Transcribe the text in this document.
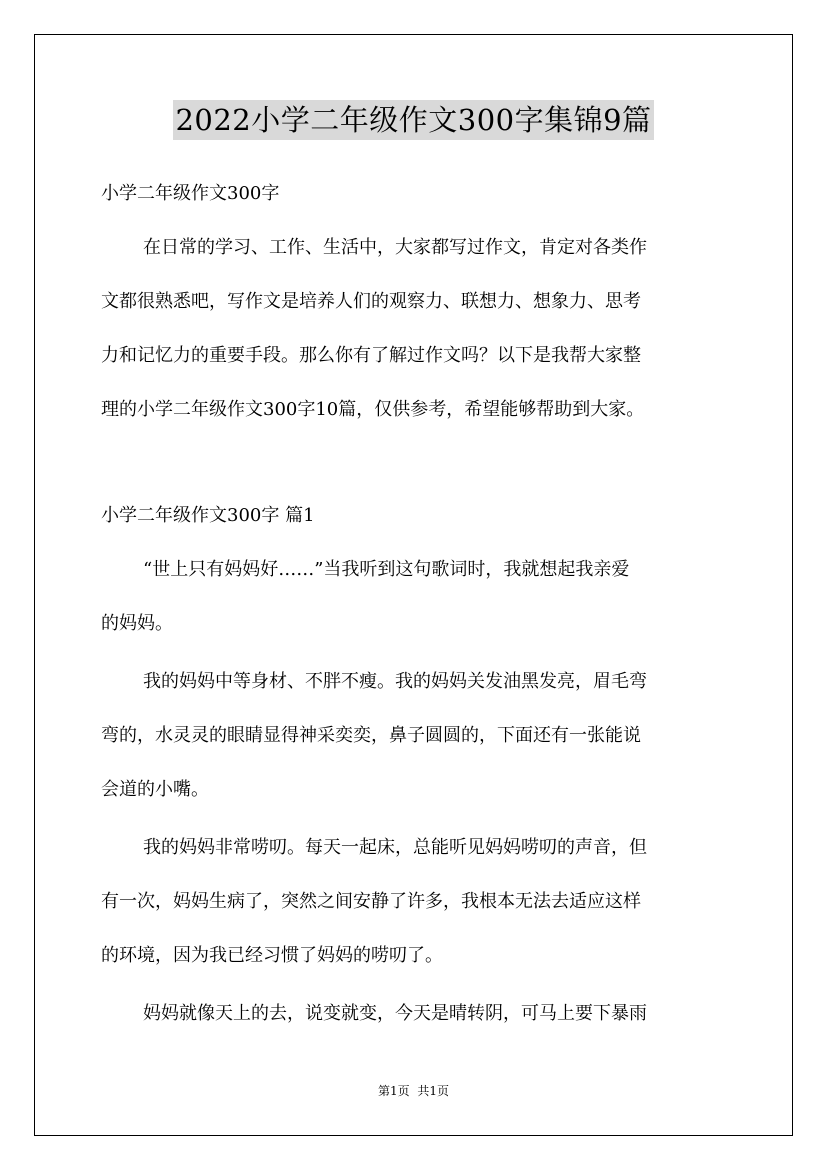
2022小学二年级作文300字集锦9篇
小学二年级作文300字
在日常的学习、工作、生活中，大家都写过作文，肯定对各类作
文都很熟悉吧，写作文是培养人们的观察力、联想力、想象力、思考
力和记忆力的重要手段。那么你有了解过作文吗？以下是我帮大家整
理的小学二年级作文300字10篇，仅供参考，希望能够帮助到大家。
小学二年级作文300字 篇1
“世上只有妈妈好……”当我听到这句歌词时，我就想起我亲爱
的妈妈。
我的妈妈中等身材、不胖不瘦。我的妈妈关发油黑发亮，眉毛弯
弯的，水灵灵的眼睛显得神采奕奕，鼻子圆圆的，下面还有一张能说
会道的小嘴。
我的妈妈非常唠叨。每天一起床，总能听见妈妈唠叨的声音，但
有一次，妈妈生病了，突然之间安静了许多，我根本无法去适应这样
的环境，因为我已经习惯了妈妈的唠叨了。
妈妈就像天上的去，说变就变，今天是晴转阴，可马上要下暴雨
第1页 共1页
